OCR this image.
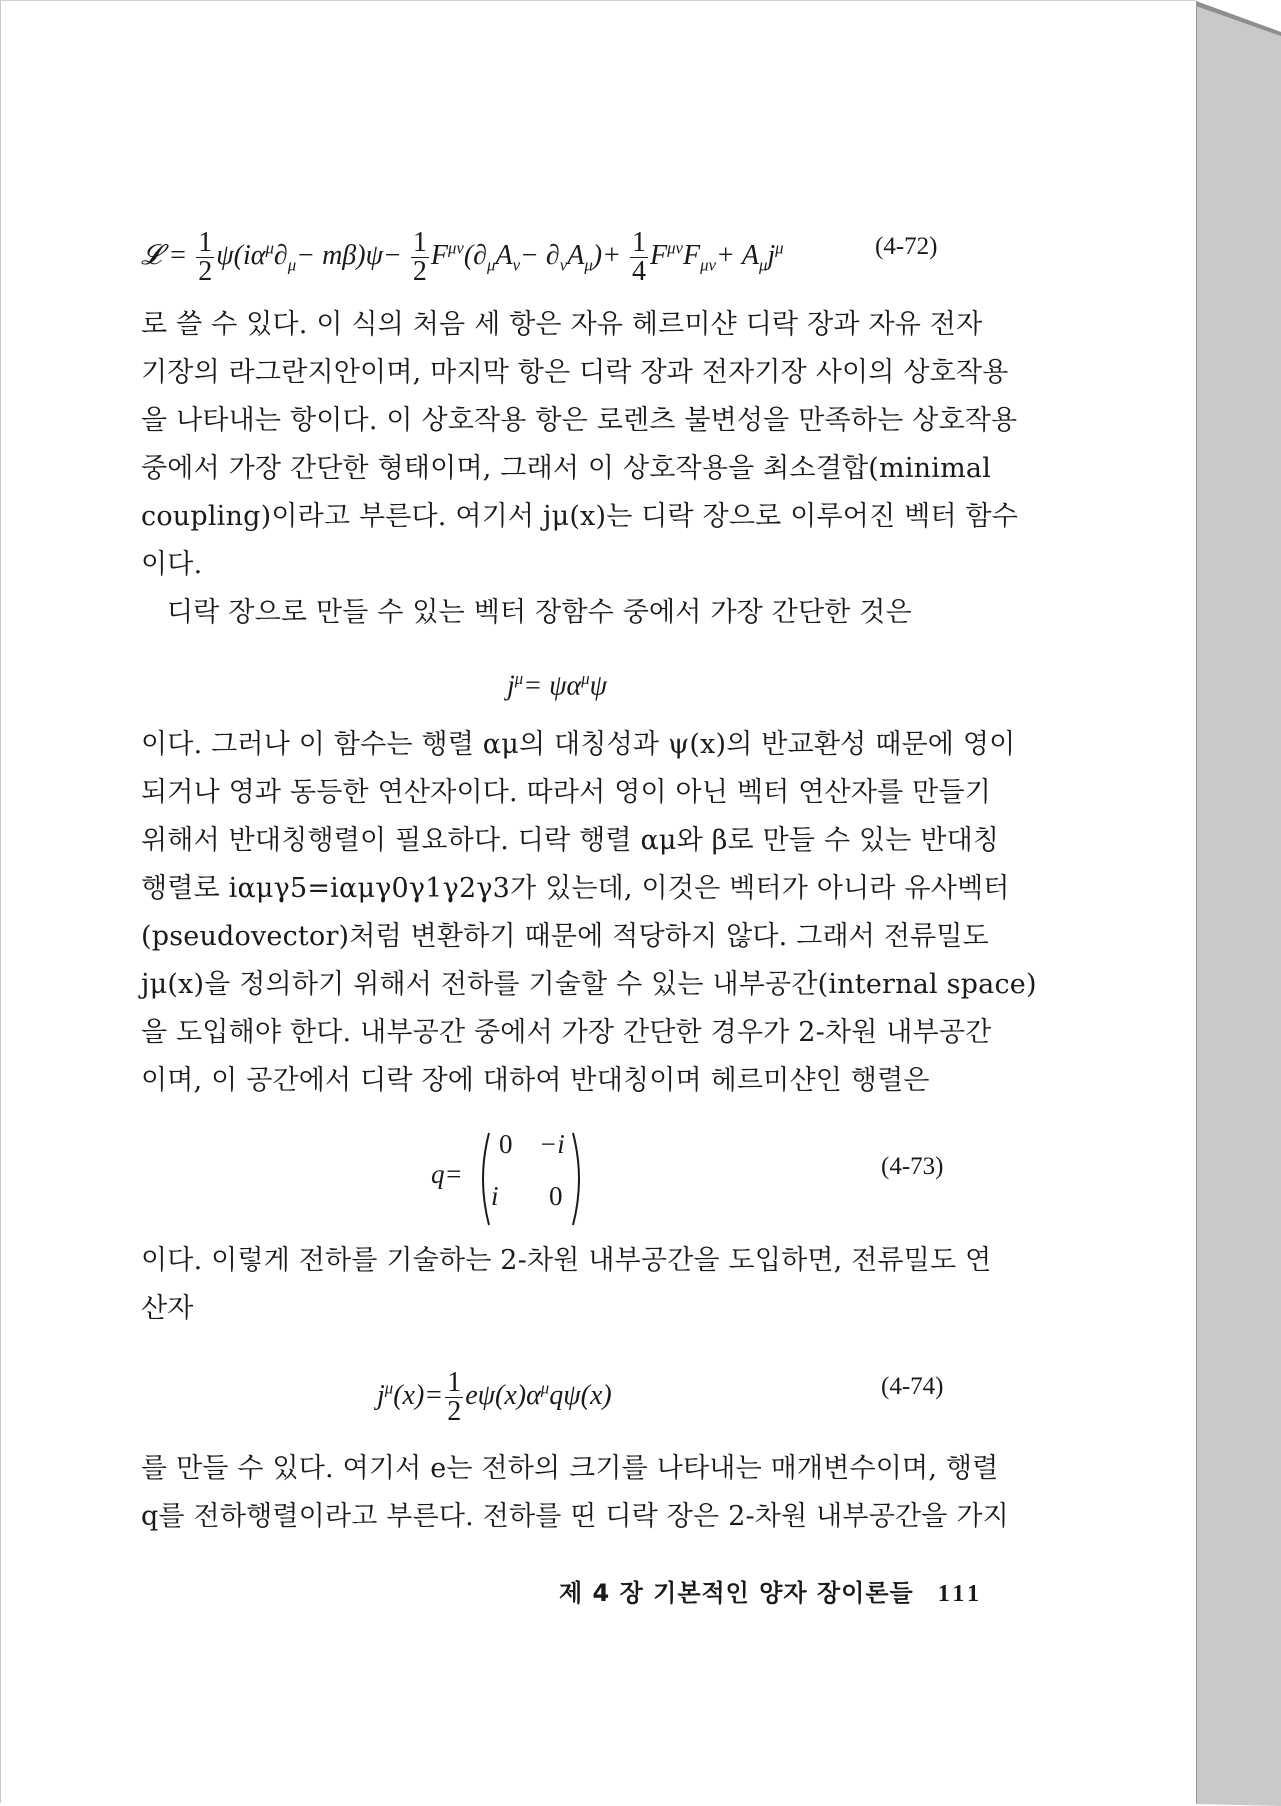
𝓛 = $\frac{1}{2} \psi(i\alpha^\mu\partial_\mu- m\beta)\psi- \frac{1}{2} F^{\mu\nu}(\partial_\mu A_\nu- \partial_\nu A_\mu)+ \frac{1}{4} F^{\mu\nu}F_{\mu\nu}+ A_\mu j^\mu$	(4-72)
로 쓸 수 있다. 이 식의 처음 세 항은 자유 헤르미샨 디락 장과 자유 전자
기장의 라그란지안이며, 마지막 항은 디락 장과 전자기장 사이의 상호작용
을 나타내는 항이다. 이 상호작용 항은 로렌츠 불변성을 만족하는 상호작용
중에서 가장 간단한 형태이며, 그래서 이 상호작용을 최소결합(minimal
coupling)이라고 부른다. 여기서 jμ(x)는 디락 장으로 이루어진 벡터 함수
이다.
디락 장으로 만들 수 있는 벡터 장함수 중에서 가장 간단한 것은
$j^\mu= \psi\alpha^\mu\psi$
이다. 그러나 이 함수는 행렬 αμ의 대칭성과 ψ(x)의 반교환성 때문에 영이
되거나 영과 동등한 연산자이다. 따라서 영이 아닌 벡터 연산자를 만들기
위해서 반대칭행렬이 필요하다. 디락 행렬 αμ와 β로 만들 수 있는 반대칭
행렬로 iαμγ5=iαμγ0γ1γ2γ3가 있는데, 이것은 벡터가 아니라 유사벡터
(pseudovector)처럼 변환하기 때문에 적당하지 않다. 그래서 전류밀도
jμ(x)을 정의하기 위해서 전하를 기술할 수 있는 내부공간(internal space)
을 도입해야 한다. 내부공간 중에서 가장 간단한 경우가 2-차원 내부공간
이며, 이 공간에서 디락 장에 대하여 반대칭이며 헤르미샨인 행렬은
q=
0 −i
i 0
(4-73)
이다. 이렇게 전하를 기술하는 2-차원 내부공간을 도입하면, 전류밀도 연
산자
$j^\mu(x)= \frac{1}{2} e\psi(x)\alpha^\mu q\psi(x)$	(4-74)
를 만들 수 있다. 여기서 e는 전하의 크기를 나타내는 매개변수이며, 행렬
q를 전하행렬이라고 부른다. 전하를 띤 디락 장은 2-차원 내부공간을 가지
제 4 장 기본적인 양자 장이론들 111
